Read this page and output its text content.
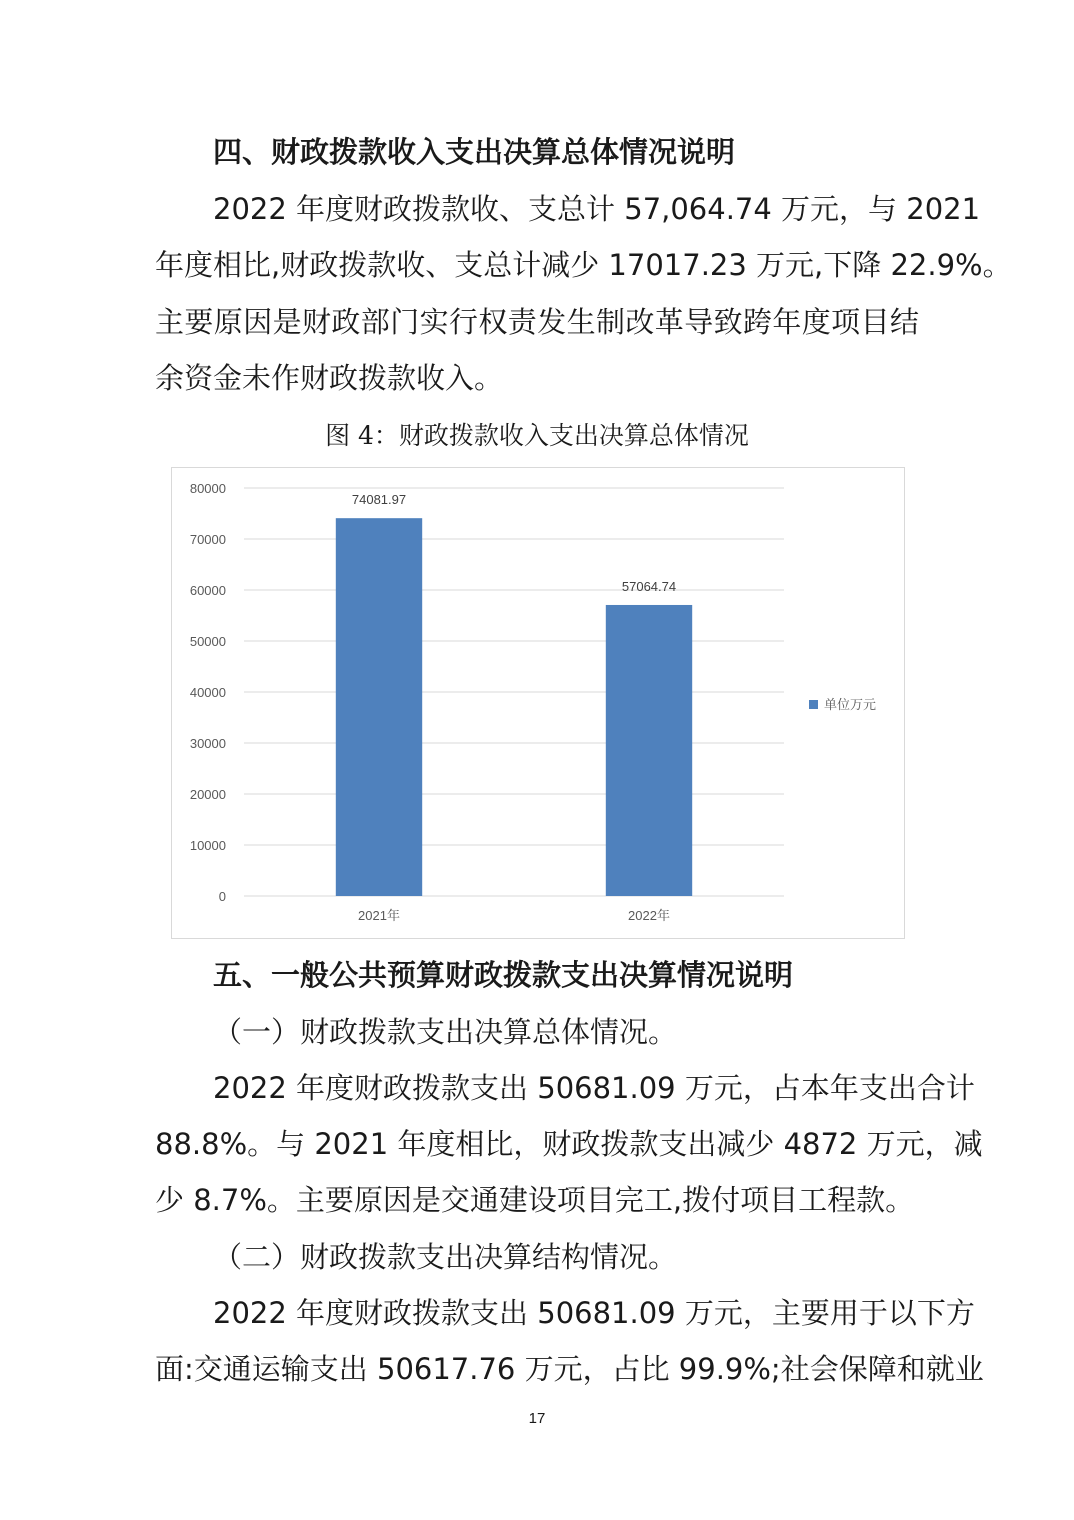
四、财政拨款收入支出决算总体情况说明
2022 年度财政拨款收、支总计 57,064.74 万元，与 2021
年度相比,财政拨款收、支总计减少 17017.23 万元,下降 22.9%。
主要原因是财政部门实行权责发生制改革导致跨年度项目结
余资金未作财政拨款收入。
图 4：财政拨款收入支出决算总体情况
0
10000
20000
30000
40000
50000
60000
70000
80000
74081.97
2021年
57064.74
2022年
单位万元
五、一般公共预算财政拨款支出决算情况说明
（一）财政拨款支出决算总体情况。
2022 年度财政拨款支出 50681.09 万元，占本年支出合计
88.8%。与 2021 年度相比，财政拨款支出减少 4872 万元，减
少 8.7%。主要原因是交通建设项目完工,拨付项目工程款。
（二）财政拨款支出决算结构情况。
2022 年度财政拨款支出 50681.09 万元，主要用于以下方
面:交通运输支出 50617.76 万元，占比 99.9%;社会保障和就业
17
